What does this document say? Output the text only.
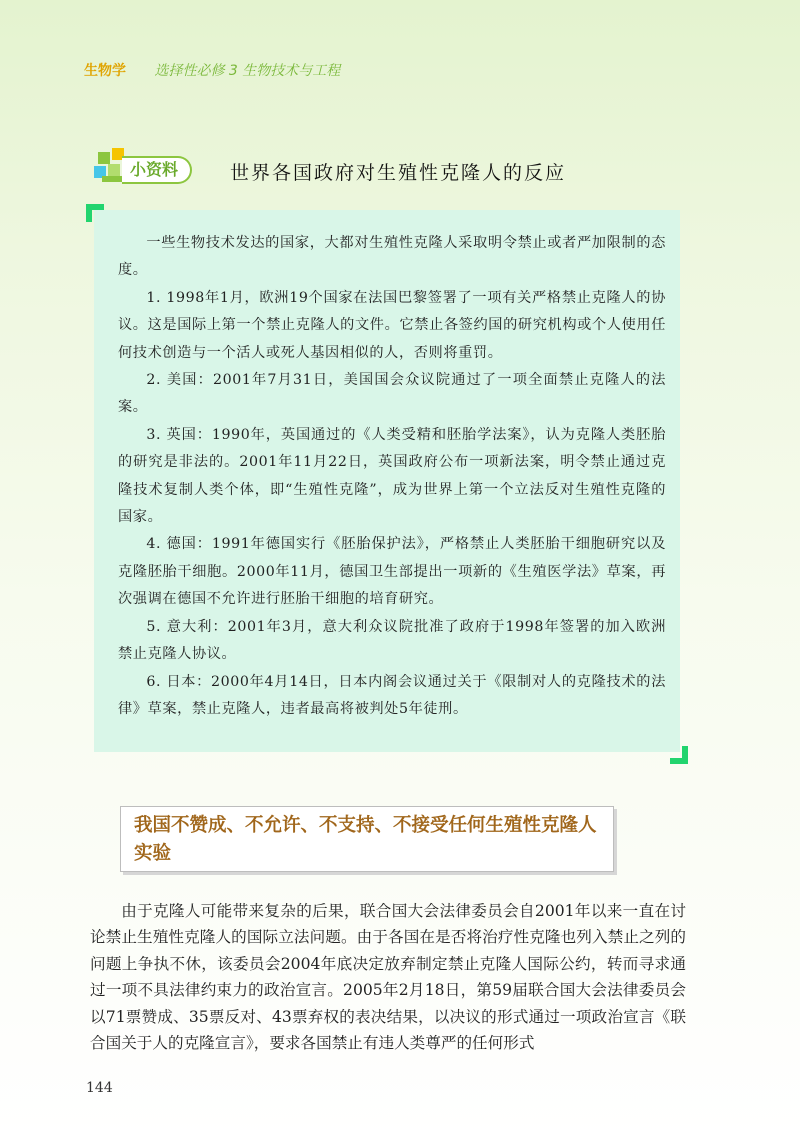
生物学 选择性必修 3 生物技术与工程
小资料	世界各国政府对生殖性克隆人的反应

一些生物技术发达的国家，大都对生殖性克隆人采取明令禁止或者严加限制的态度。

1. 1998年1月，欧洲19个国家在法国巴黎签署了一项有关严格禁止克隆人的协议。这是国际上第一个禁止克隆人的文件。它禁止各签约国的研究机构或个人使用任何技术创造与一个活人或死人基因相似的人，否则将重罚。

2. 美国：2001年7月31日，美国国会众议院通过了一项全面禁止克隆人的法案。

3. 英国：1990年，英国通过的《人类受精和胚胎学法案》，认为克隆人类胚胎的研究是非法的。2001年11月22日，英国政府公布一项新法案，明令禁止通过克隆技术复制人类个体，即“生殖性克隆”，成为世界上第一个立法反对生殖性克隆的国家。

4. 德国：1991年德国实行《胚胎保护法》，严格禁止人类胚胎干细胞研究以及克隆胚胎干细胞。2000年11月，德国卫生部提出一项新的《生殖医学法》草案，再次强调在德国不允许进行胚胎干细胞的培育研究。

5. 意大利：2001年3月，意大利众议院批准了政府于1998年签署的加入欧洲禁止克隆人协议。

6. 日本：2000年4月14日，日本内阁会议通过关于《限制对人的克隆技术的法律》草案，禁止克隆人，违者最高将被判处5年徒刑。

我国不赞成、不允许、不支持、不接受任何生殖性克隆人实验

由于克隆人可能带来复杂的后果，联合国大会法律委员会自2001年以来一直在讨论禁止生殖性克隆人的国际立法问题。由于各国在是否将治疗性克隆也列入禁止之列的问题上争执不休，该委员会2004年底决定放弃制定禁止克隆人国际公约，转而寻求通过一项不具法律约束力的政治宣言。2005年2月18日，第59届联合国大会法律委员会以71票赞成、35票反对、43票弃权的表决结果，以决议的形式通过一项政治宣言《联合国关于人的克隆宣言》，要求各国禁止有违人类尊严的任何形式

144
